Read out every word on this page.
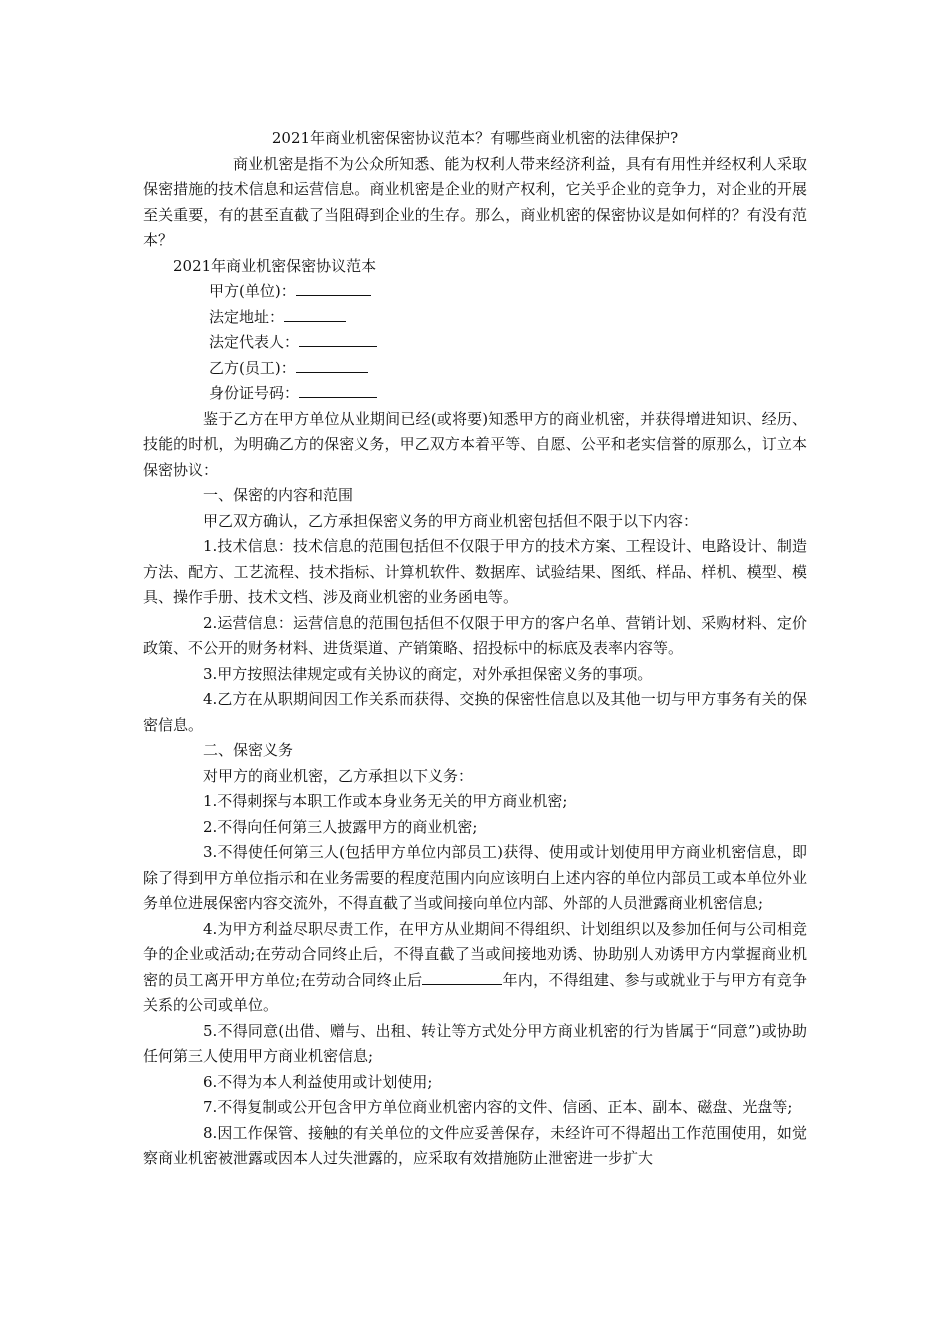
2021年商业机密保密协议范本？有哪些商业机密的法律保护?

商业机密是指不为公众所知悉、能为权利人带来经济利益，具有有用性并经权利人采取保密措施的技术信息和运营信息。商业机密是企业的财产权利，它关乎企业的竞争力，对企业的开展至关重要，有的甚至直截了当阻碍到企业的生存。那么，商业机密的保密协议是如何样的？有没有范本？

2021年商业机密保密协议范本

甲方(单位)：

法定地址：

法定代表人：

乙方(员工)：

身份证号码：

鉴于乙方在甲方单位从业期间已经(或将要)知悉甲方的商业机密，并获得增进知识、经历、技能的时机，为明确乙方的保密义务，甲乙双方本着平等、自愿、公平和老实信誉的原那么，订立本保密协议：

一、保密的内容和范围

甲乙双方确认，乙方承担保密义务的甲方商业机密包括但不限于以下内容：

1.技术信息：技术信息的范围包括但不仅限于甲方的技术方案、工程设计、电路设计、制造方法、配方、工艺流程、技术指标、计算机软件、数据库、试验结果、图纸、样品、样机、模型、模具、操作手册、技术文档、涉及商业机密的业务函电等。

2.运营信息：运营信息的范围包括但不仅限于甲方的客户名单、营销计划、采购材料、定价政策、不公开的财务材料、进货渠道、产销策略、招投标中的标底及表率内容等。

3.甲方按照法律规定或有关协议的商定，对外承担保密义务的事项。

4.乙方在从职期间因工作关系而获得、交换的保密性信息以及其他一切与甲方事务有关的保密信息。

二、保密义务

对甲方的商业机密，乙方承担以下义务：

1.不得刺探与本职工作或本身业务无关的甲方商业机密;

2.不得向任何第三人披露甲方的商业机密;

3.不得使任何第三人(包括甲方单位内部员工)获得、使用或计划使用甲方商业机密信息，即除了得到甲方单位指示和在业务需要的程度范围内向应该明白上述内容的单位内部员工或本单位外业务单位进展保密内容交流外，不得直截了当或间接向单位内部、外部的人员泄露商业机密信息;

4.为甲方利益尽职尽责工作，在甲方从业期间不得组织、计划组织以及参加任何与公司相竞争的企业或活动;在劳动合同终止后，不得直截了当或间接地劝诱、协助别人劝诱甲方内掌握商业机密的员工离开甲方单位;在劳动合同终止后	年内，不得组建、参与或就业于与甲方有竞争关系的公司或单位。

5.不得同意(出借、赠与、出租、转让等方式处分甲方商业机密的行为皆属于“同意”)或协助任何第三人使用甲方商业机密信息;

6.不得为本人利益使用或计划使用;

7.不得复制或公开包含甲方单位商业机密内容的文件、信函、正本、副本、磁盘、光盘等;

8.因工作保管、接触的有关单位的文件应妥善保存，未经许可不得超出工作范围使用，如觉察商业机密被泄露或因本人过失泄露的，应采取有效措施防止泄密进一步扩大
